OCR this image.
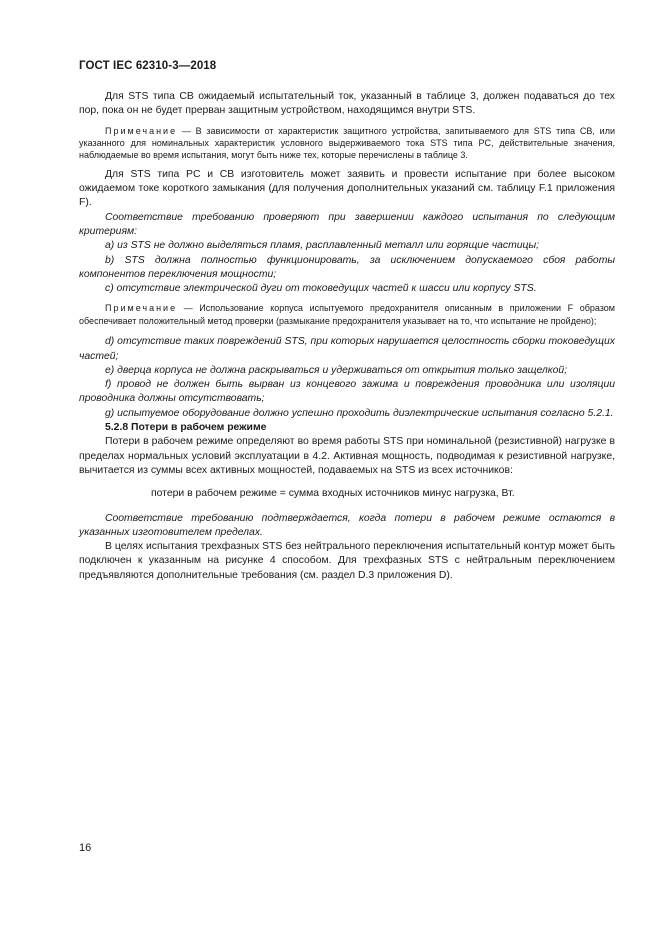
ГОСТ IEC 62310-3—2018

Для STS типа CB ожидаемый испытательный ток, указанный в таблице 3, должен подаваться до тех пор, пока он не будет прерван защитным устройством, находящимся внутри STS.

Примечание — В зависимости от характеристик защитного устройства, запитываемого для STS типа CB, или указанного для номинальных характеристик условного выдерживаемого тока STS типа PC, действительные значения, наблюдаемые во время испытания, могут быть ниже тех, которые перечислены в таблице 3.

Для STS типа PC и CB изготовитель может заявить и провести испытание при более высоком ожидаемом токе короткого замыкания (для получения дополнительных указаний см. таблицу F.1 приложения F).

Соответствие требованию проверяют при завершении каждого испытания по следующим критериям:

a) из STS не должно выделяться пламя, расплавленный металл или горящие частицы;

b) STS должна полностью функционировать, за исключением допускаемого сбоя работы компонентов переключения мощности;

c) отсутствие электрической дуги от токоведущих частей к шасси или корпусу STS.

Примечание — Использование корпуса испытуемого предохранителя описанным в приложении F образом обеспечивает положительный метод проверки (размыкание предохранителя указывает на то, что испытание не пройдено);

d) отсутствие таких повреждений STS, при которых нарушается целостность сборки токоведущих частей;

e) дверца корпуса не должна раскрываться и удерживаться от открытия только защелкой;

f) провод не должен быть вырван из концевого зажима и повреждения проводника или изоляции проводника должны отсутствовать;

g) испытуемое оборудование должно успешно проходить диэлектрические испытания согласно 5.2.1.

5.2.8 Потери в рабочем режиме

Потери в рабочем режиме определяют во время работы STS при номинальной (резистивной) нагрузке в пределах нормальных условий эксплуатации в 4.2. Активная мощность, подводимая к резистивной нагрузке, вычитается из суммы всех активных мощностей, подаваемых на STS из всех источников:

потери в рабочем режиме = сумма входных источников минус нагрузка, Вт.

Соответствие требованию подтверждается, когда потери в рабочем режиме остаются в указанных изготовителем пределах.

В целях испытания трехфазных STS без нейтрального переключения испытательный контур может быть подключен к указанным на рисунке 4 способом. Для трехфазных STS с нейтральным переключением предъявляются дополнительные требования (см. раздел D.3 приложения D).

16
